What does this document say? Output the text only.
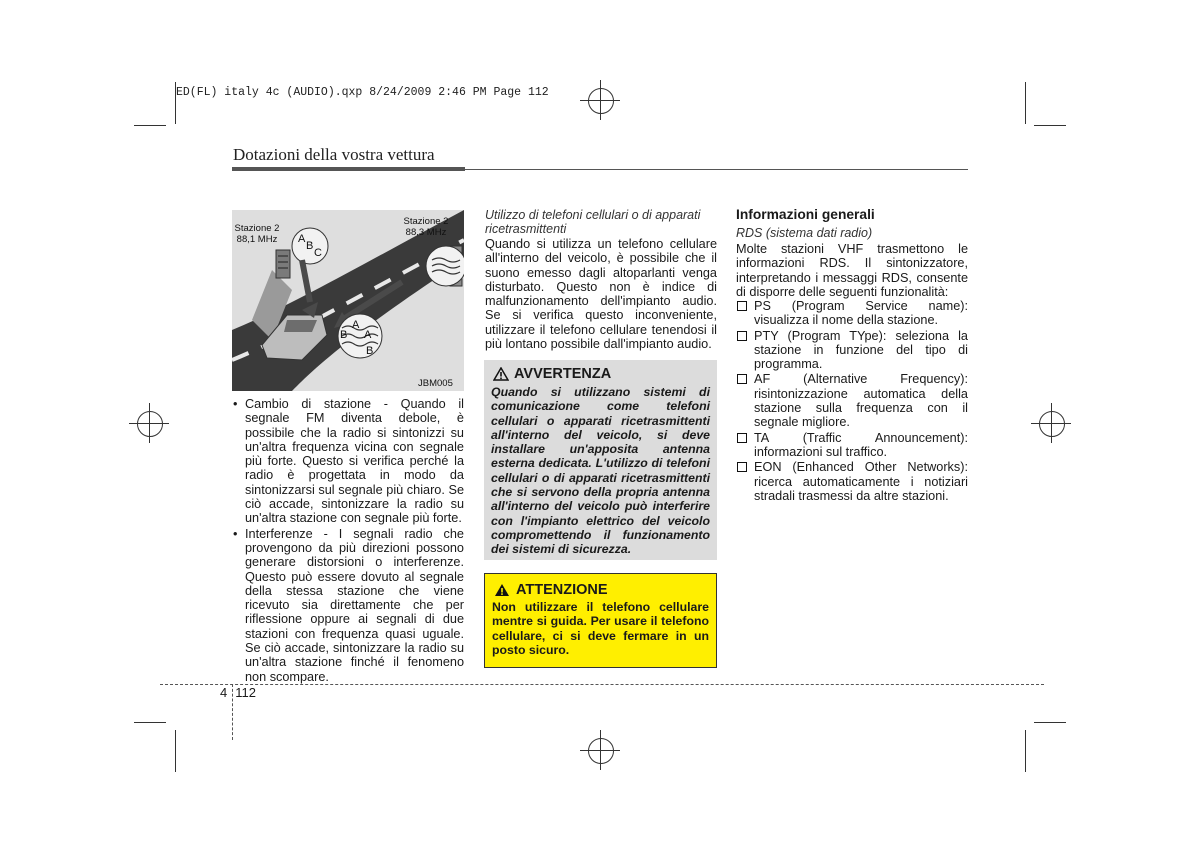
ED(FL) italy 4c (AUDIO).qxp 8/24/2009 2:46 PM Page 112
Dotazioni della vostra vettura
A
B
C
A
B A
B
Stazione 2
88,1 MHz
Stazione 2
88,3 MHz
JBM005
• Cambio di stazione - Quando il segnale FM diventa debole, è possibile che la radio si sintonizzi su un'altra frequenza vicina con segnale più forte. Questo si verifica perché la radio è progettata in modo da sintonizzarsi sul segnale più chiaro. Se ciò accade, sintonizzare la radio su un'altra stazione con segnale più forte.
• Interferenze - I segnali radio che provengono da più direzioni possono generare distorsioni o interferenze. Questo può essere dovuto al segnale della stessa stazione che viene ricevuto sia direttamente che per riflessione oppure ai segnali di due stazioni con frequenza quasi uguale. Se ciò accade, sintonizzare la radio su un'altra stazione finché il fenomeno non scompare.
Utilizzo di telefoni cellulari o di apparati ricetrasmittenti
Quando si utilizza un telefono cellulare all'interno del veicolo, è possibile che il suono emesso dagli altoparlanti venga disturbato. Questo non è indice di malfunzionamento dell'impianto audio. Se si verifica questo inconveniente, utilizzare il telefono cellulare tenendosi il più lontano possibile dall'impianto audio.
AVVERTENZA
Quando si utilizzano sistemi di comunicazione come telefoni cellulari o apparati ricetrasmittenti all'interno del veicolo, si deve installare un'apposita antenna esterna dedicata. L'utilizzo di telefoni cellulari o di apparati ricetrasmittenti che si servono della propria antenna all'interno del veicolo può interferire con l'impianto elettrico del veicolo compromettendo il funzionamento dei sistemi di sicurezza.
ATTENZIONE
Non utilizzare il telefono cellulare mentre si guida. Per usare il telefono cellulare, ci si deve fermare in un posto sicuro.
Informazioni generali
RDS (sistema dati radio)
Molte stazioni VHF trasmettono le informazioni RDS. Il sintonizzatore, interpretando i messaggi RDS, consente di disporre delle seguenti funzionalità:
PS (Program Service name): visualizza il nome della stazione.
PTY (Program TYpe): seleziona la stazione in funzione del tipo di programma.
AF (Alternative Frequency): risintonizzazione automatica della stazione sulla frequenza con il segnale migliore.
TA (Traffic Announcement): informazioni sul traffico.
EON (Enhanced Other Networks): ricerca automaticamente i notiziari stradali trasmessi da altre stazioni.
4 112
